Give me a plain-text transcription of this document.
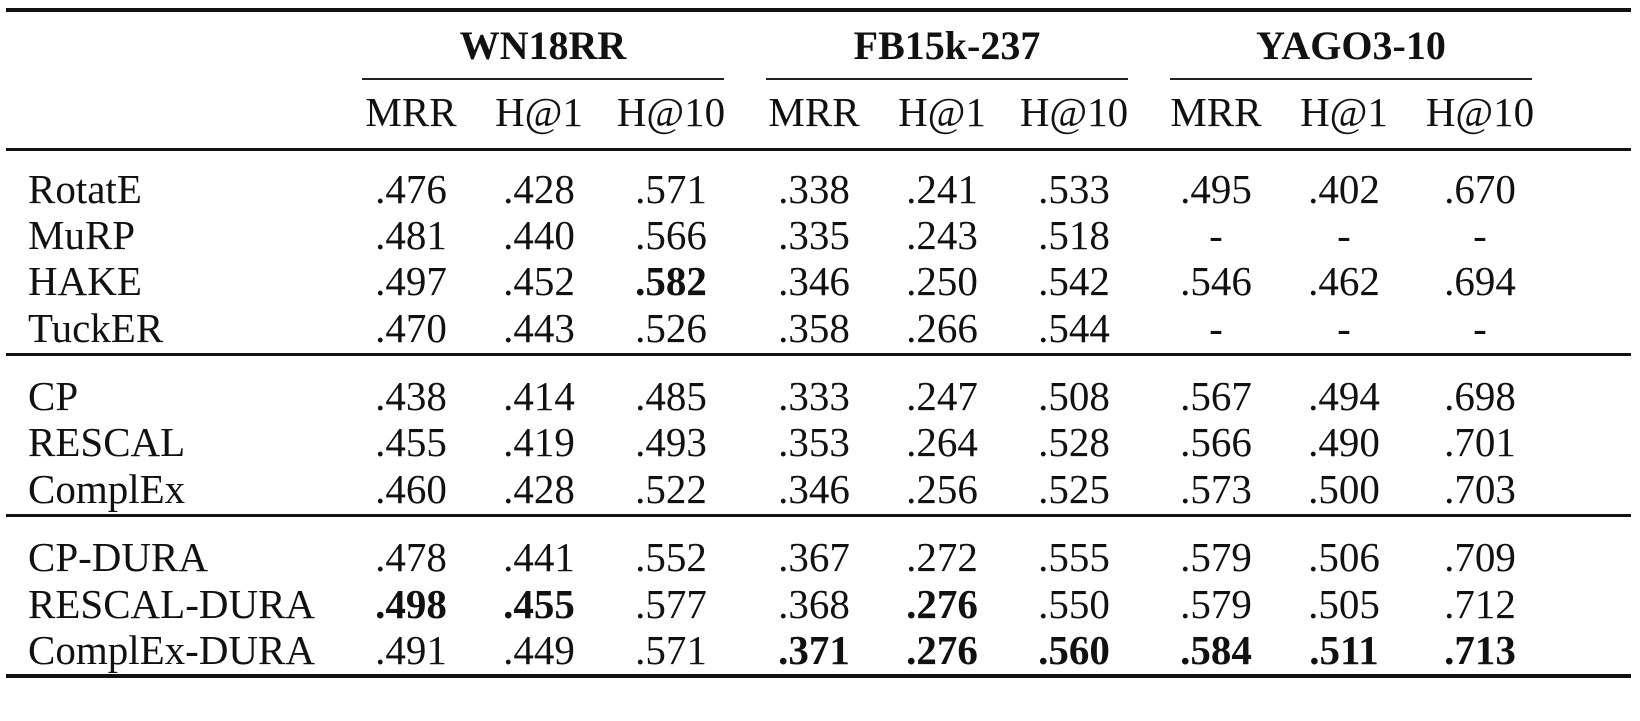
WN18RR
MRR H@1 H@10
FB15k-237
MRR H@1 H@10
YAGO3-10
MRR H@1 H@10
RotatE	.476	.428	.571	.338	.241	.533	.495	.402	.670
MuRP	.481	.440	.566	.335	.243	.518	-	-	-
HAKE	.497	.452	.582	.346	.250	.542	.546	.462	.694
TuckER	.470	.443	.526	.358	.266	.544	-	-	-
CP	.438	.414	.485	.333	.247	.508	.567	.494	.698
RESCAL	.455	.419	.493	.353	.264	.528	.566	.490	.701
ComplEx	.460	.428	.522	.346	.256	.525	.573	.500	.703
CP-DURA	.478	.441	.552	.367	.272	.555	.579	.506	.709
RESCAL-DURA	.498	.455	.577	.368	.276	.550	.579	.505	.712
ComplEx-DURA	.491	.449	.571	.371	.276	.560	.584	.511	.713
